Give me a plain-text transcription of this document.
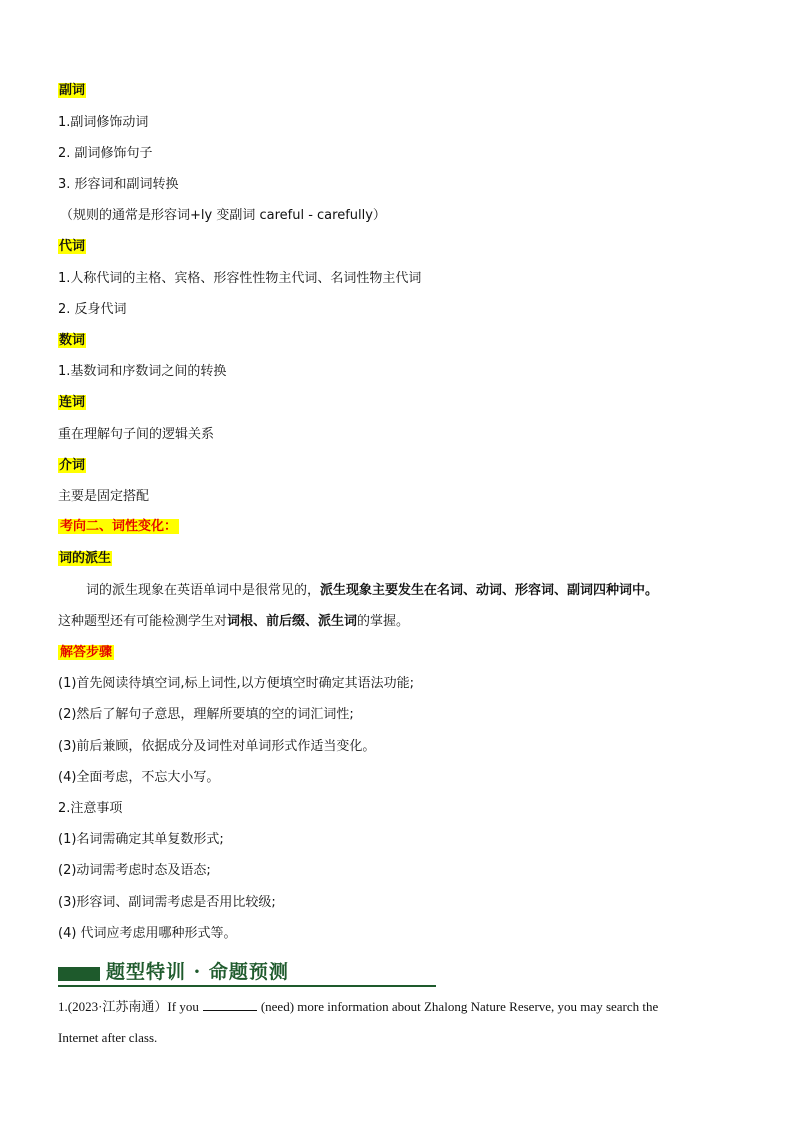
副词
1.副词修饰动词
2. 副词修饰句子
3. 形容词和副词转换
（规则的通常是形容词+ly 变副词 careful - carefully）
代词
1.人称代词的主格、宾格、形容性性物主代词、名词性物主代词
2. 反身代词
数词
1.基数词和序数词之间的转换
连词
重在理解句子间的逻辑关系
介词
主要是固定搭配
考向二、词性变化：
词的派生
词的派生现象在英语单词中是很常见的，派生现象主要发生在名词、动词、形容词、副词四种词中。
这种题型还有可能检测学生对词根、前后缀、派生词的掌握。
解答步骤
(1)首先阅读待填空词,标上词性,以方便填空时确定其语法功能;
(2)然后了解句子意思，理解所要填的空的词汇词性;
(3)前后兼顾，依据成分及词性对单词形式作适当变化。
(4)全面考虑，不忘大小写。
2.注意事项
(1)名词需确定其单复数形式;
(2)动词需考虑时态及语态;
(3)形容词、副词需考虑是否用比较级;
(4) 代词应考虑用哪种形式等。
题型特训 · 命题预测
1.(2023·江苏南通）If you	(need) more information about Zhalong Nature Reserve, you may search the
Internet after class.
